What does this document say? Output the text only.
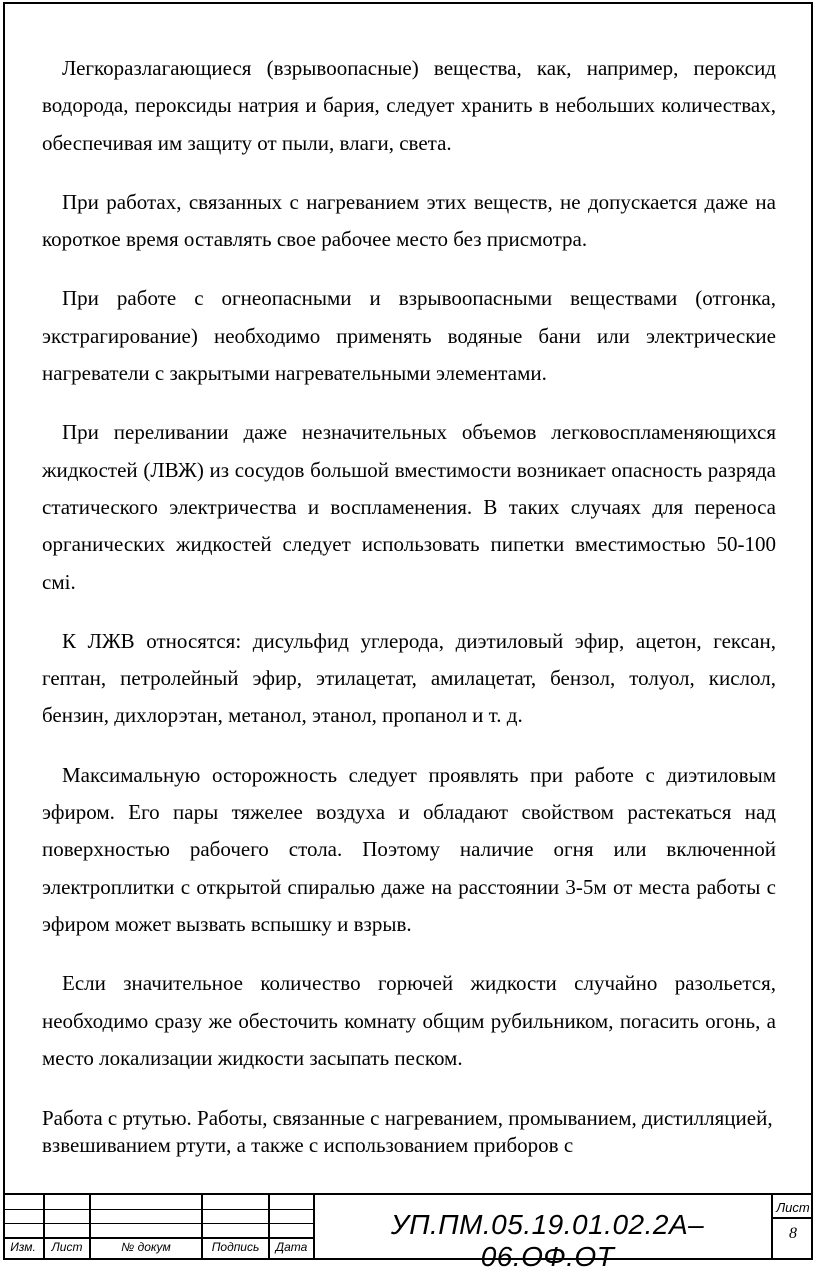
Легкоразлагающиеся (взрывоопасные) вещества, как, например, пероксид водорода, пероксиды натрия и бария, следует хранить в небольших количествах, обеспечивая им защиту от пыли, влаги, света.

При работах, связанных с нагреванием этих веществ, не допускается даже на короткое время оставлять свое рабочее место без присмотра.

При работе с огнеопасными и взрывоопасными веществами (отгонка, экстрагирование) необходимо применять водяные бани или электрические нагреватели с закрытыми нагревательными элементами.

При переливании даже незначительных объемов легковоспламеняющихся жидкостей (ЛВЖ) из сосудов большой вместимости возникает опасность разряда статического электричества и воспламенения. В таких случаях для переноса органических жидкостей следует использовать пипетки вместимостью 50-100 смі.

К ЛЖВ относятся: дисульфид углерода, диэтиловый эфир, ацетон, гексан, гептан, петролейный эфир, этилацетат, амилацетат, бензол, толуол, кислол, бензин, дихлорэтан, метанол, этанол, пропанол и т. д.

Максимальную осторожность следует проявлять при работе с диэтиловым эфиром. Его пары тяжелее воздуха и обладают свойством растекаться над поверхностью рабочего стола. Поэтому наличие огня или включенной электроплитки с открытой спиралью даже на расстоянии 3-5м от места работы с эфиром может вызвать вспышку и взрыв.

Если значительное количество горючей жидкости случайно разольется, необходимо сразу же обесточить комнату общим рубильником, погасить огонь, а место локализации жидкости засыпать песком.

Работа с ртутью. Работы, связанные с нагреванием, промыванием, дистилляцией, взвешиванием ртути, а также с использованием приборов с

Изм.	Лист	№ докум	Подпись	Дата
УП.ПМ.05.19.01.02.2А–06.ОФ.ОТ
Лист
8
